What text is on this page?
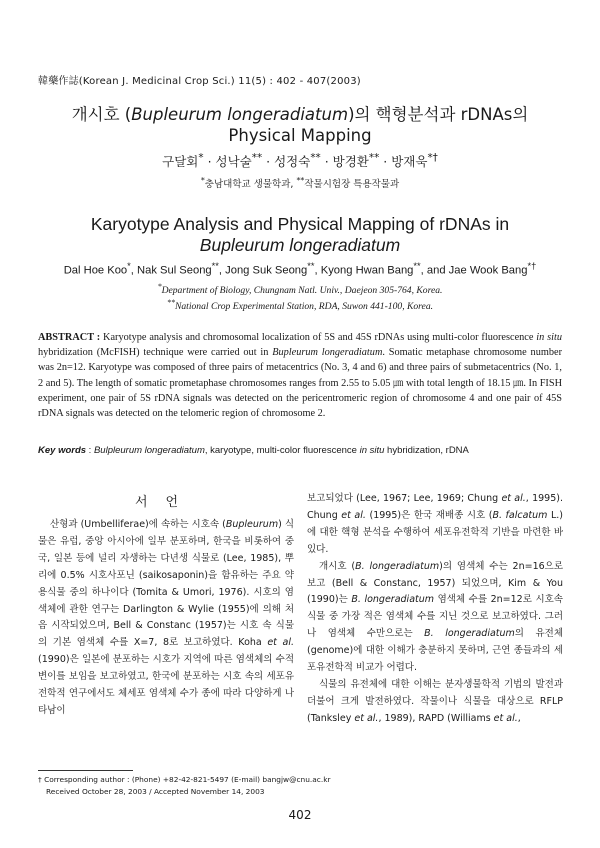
韓藥作誌(Korean J. Medicinal Crop Sci.) 11(5) : 402 - 407(2003)
개시호 (Bupleurum longeradiatum)의 핵형분석과 rDNAs의
Physical Mapping
구달회* · 성낙술** · 성정숙** · 방경환** · 방재욱*†
*충남대학교 생물학과, **작물시험장 특용작물과
Karyotype Analysis and Physical Mapping of rDNAs in
Bupleurum longeradiatum
Dal Hoe Koo*, Nak Sul Seong**, Jong Suk Seong**, Kyong Hwan Bang**, and Jae Wook Bang*†
*Department of Biology, Chungnam Natl. Univ., Daejeon 305-764, Korea.
**National Crop Experimental Station, RDA, Suwon 441-100, Korea.
ABSTRACT : Karyotype analysis and chromosomal localization of 5S and 45S rDNAs using multi-color fluorescence in situ hybridization (McFISH) technique were carried out in Bupleurum longeradiatum. Somatic metaphase chromosome number was 2n=12. Karyotype was composed of three pairs of metacentrics (No. 3, 4 and 6) and three pairs of submetacentrics (No. 1, 2 and 5). The length of somatic prometaphase chromosomes ranges from 2.55 to 5.05 ㎛ with total length of 18.15 ㎛. In FISH experiment, one pair of 5S rDNA signals was detected on the pericentromeric region of chromosome 4 and one pair of 45S rDNA signals was detected on the telomeric region of chromosome 2.
Key words : Bulpleurum longeradiatum, karyotype, multi-color fluorescence in situ hybridization, rDNA
서언

산형과 (Umbelliferae)에 속하는 시호속 (Bupleurum) 식물은 유럽, 중앙 아시아에 일부 분포하며, 한국을 비롯하여 중국, 일본 등에 널리 자생하는 다년생 식물로 (Lee, 1985), 뿌리에 0.5% 시호사포닌 (saikosaponin)을 함유하는 주요 약용식물 중의 하나이다 (Tomita & Umori, 1976). 시호의 염색체에 관한 연구는 Darlington & Wylie (1955)에 의해 처음 시작되었으며, Bell & Constanc (1957)는 시호 속 식물의 기본 염색체 수를 X=7, 8로 보고하였다. Koha et al. (1990)은 일본에 분포하는 시호가 지역에 따른 염색체의 수적 변이를 보임을 보고하였고, 한국에 분포하는 시호 속의 세포유전학적 연구에서도 체세포 염색체 수가 종에 따라 다양하게 나타남이

보고되었다 (Lee, 1967; Lee, 1969; Chung et al., 1995). Chung et al. (1995)은 한국 재배종 시호 (B. falcatum L.)에 대한 핵형 분석을 수행하여 세포유전학적 기반을 마련한 바 있다.

개시호 (B. longeradiatum)의 염색체 수는 2n=16으로 보고 (Bell & Constanc, 1957) 되었으며, Kim & You (1990)는 B. longeradiatum 염색체 수를 2n=12로 시호속 식물 중 가장 적은 염색체 수를 지닌 것으로 보고하였다. 그러나 염색체 수만으로는 B. longeradiatum의 유전체 (genome)에 대한 이해가 충분하지 못하며, 근연 종들과의 세포유전학적 비교가 어렵다.

식물의 유전체에 대한 이해는 분자생물학적 기법의 발전과 더불어 크게 발전하였다. 작물이나 식물을 대상으로 RFLP (Tanksley et al., 1989), RAPD (Williams et al.,

† Corresponding author : (Phone) +82-42-821-5497 (E-mail) bangjw@cnu.ac.kr
Received October 28, 2003 / Accepted November 14, 2003
402
